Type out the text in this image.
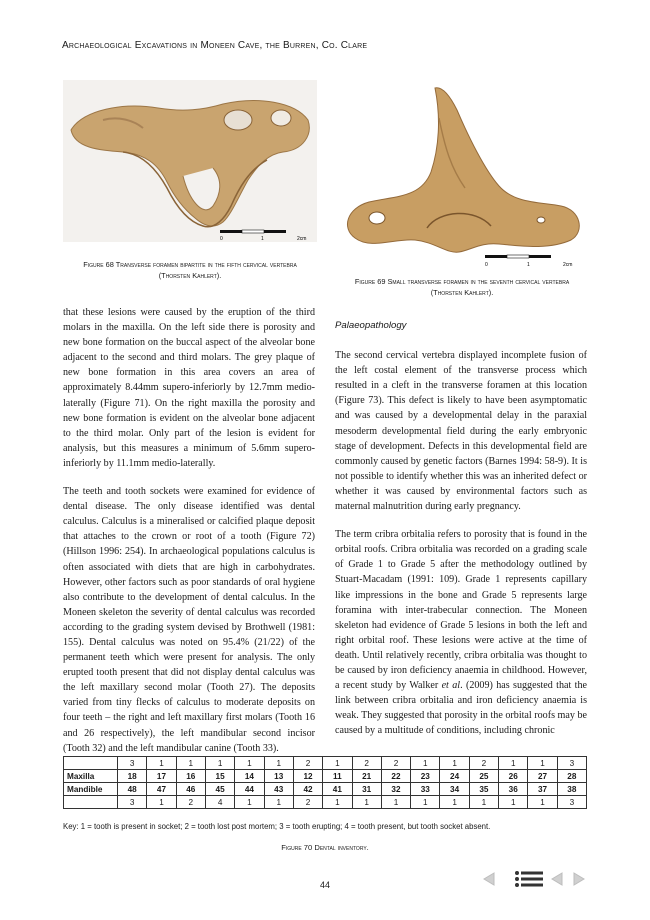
Archaeological Excavations in Moneen Cave, the Burren, Co. Clare
0	1	2cm
Figure 68 Transverse foramen bipartite in the fifth cervical vertebra (Thorsten Kahlert).
0	1	2cm
Figure 69 Small transverse foramen in the seventh cervical vertebra (Thorsten Kahlert).

that these lesions were caused by the eruption of the third molars in the maxilla. On the left side there is porosity and new bone formation on the buccal aspect of the alveolar bone adjacent to the second and third molars. The grey plaque of new bone formation in this area covers an area of approximately 8.44mm supero-inferiorly by 12.7mm medio-laterally (Figure 71). On the right maxilla the porosity and new bone formation is evident on the alveolar bone adjacent to the third molar. Only part of the lesion is evident for analysis, but this measures a minimum of 5.6mm supero-inferiorly by 11.1mm medio-laterally.

The teeth and tooth sockets were examined for evidence of dental disease. The only disease identified was dental calculus. Calculus is a mineralised or calcified plaque deposit that attaches to the crown or root of a tooth (Figure 72) (Hillson 1996: 254). In archaeological populations calculus is often associated with diets that are high in carbohydrates. However, other factors such as poor standards of oral hygiene also contribute to the development of dental calculus. In the Moneen skeleton the severity of dental calculus was recorded according to the grading system devised by Brothwell (1981: 155). Dental calculus was noted on 95.4% (21/22) of the permanent teeth which were present for analysis. The only erupted tooth present that did not display dental calculus was the left maxillary second molar (Tooth 27). The deposits varied from tiny flecks of calculus to moderate deposits on four teeth – the right and left maxillary first molars (Tooth 16 and 26 respectively), the left mandibular second incisor (Tooth 32) and the left mandibular canine (Tooth 33).

Palaeopathology

The second cervical vertebra displayed incomplete fusion of the left costal element of the transverse process which resulted in a cleft in the transverse foramen at this location (Figure 73). This defect is likely to have been asymptomatic and was caused by a developmental delay in the paraxial mesoderm developmental field during the early embryonic stage of development. Defects in this developmental field are commonly caused by genetic factors (Barnes 1994: 58-9). It is not possible to identify whether this was an inherited defect or whether it was caused by environmental factors such as maternal malnutrition during early pregnancy.

The term cribra orbitalia refers to porosity that is found in the orbital roofs. Cribra orbitalia was recorded on a grading scale of Grade 1 to Grade 5 after the methodology outlined by Stuart-Macadam (1991: 109). Grade 1 represents capillary like impressions in the bone and Grade 5 represents large foramina with inter-trabecular connection. The Moneen skeleton had evidence of Grade 5 lesions in both the left and right orbital roof. These lesions were active at the time of death. Until relatively recently, cribra orbitalia was thought to be caused by iron deficiency anaemia in childhood. However, a recent study by Walker et al. (2009) has suggested that the link between cribra orbitalia and iron deficiency anaemia is weak. They suggested that porosity in the orbital roofs may be caused by a multitude of conditions, including chronic

	3	1	1	1	1	1	2	1	2	2	1	1	2	1	1	3
Maxilla	18	17	16	15	14	13	12	11	21	22	23	24	25	26	27	28
Mandible	48	47	46	45	44	43	42	41	31	32	33	34	35	36	37	38
	3	1	2	4	1	1	2	1	1	1	1	1	1	1	1	3
Key: 1 = tooth is present in socket; 2 = tooth lost post mortem; 3 = tooth erupting; 4 = tooth present, but tooth socket absent.
Figure 70 Dental inventory.
44
